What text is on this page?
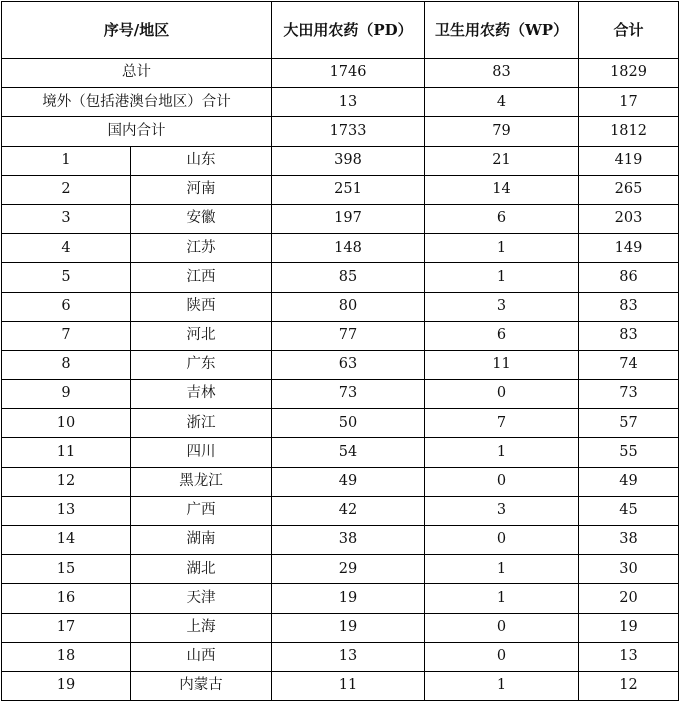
序号/地区		大田用农药（PD）	卫生用农药（WP）	合计
总计		1746	83	1829
境外（包括港澳台地区）合计		13	4	17
国内合计		1733	79	1812
1	山东	398	21	419
2	河南	251	14	265
3	安徽	197	6	203
4	江苏	148	1	149
5	江西	85	1	86
6	陕西	80	3	83
7	河北	77	6	83
8	广东	63	11	74
9	吉林	73	0	73
10	浙江	50	7	57
11	四川	54	1	55
12	黑龙江	49	0	49
13	广西	42	3	45
14	湖南	38	0	38
15	湖北	29	1	30
16	天津	19	1	20
17	上海	19	0	19
18	山西	13	0	13
19	内蒙古	11	1	12
